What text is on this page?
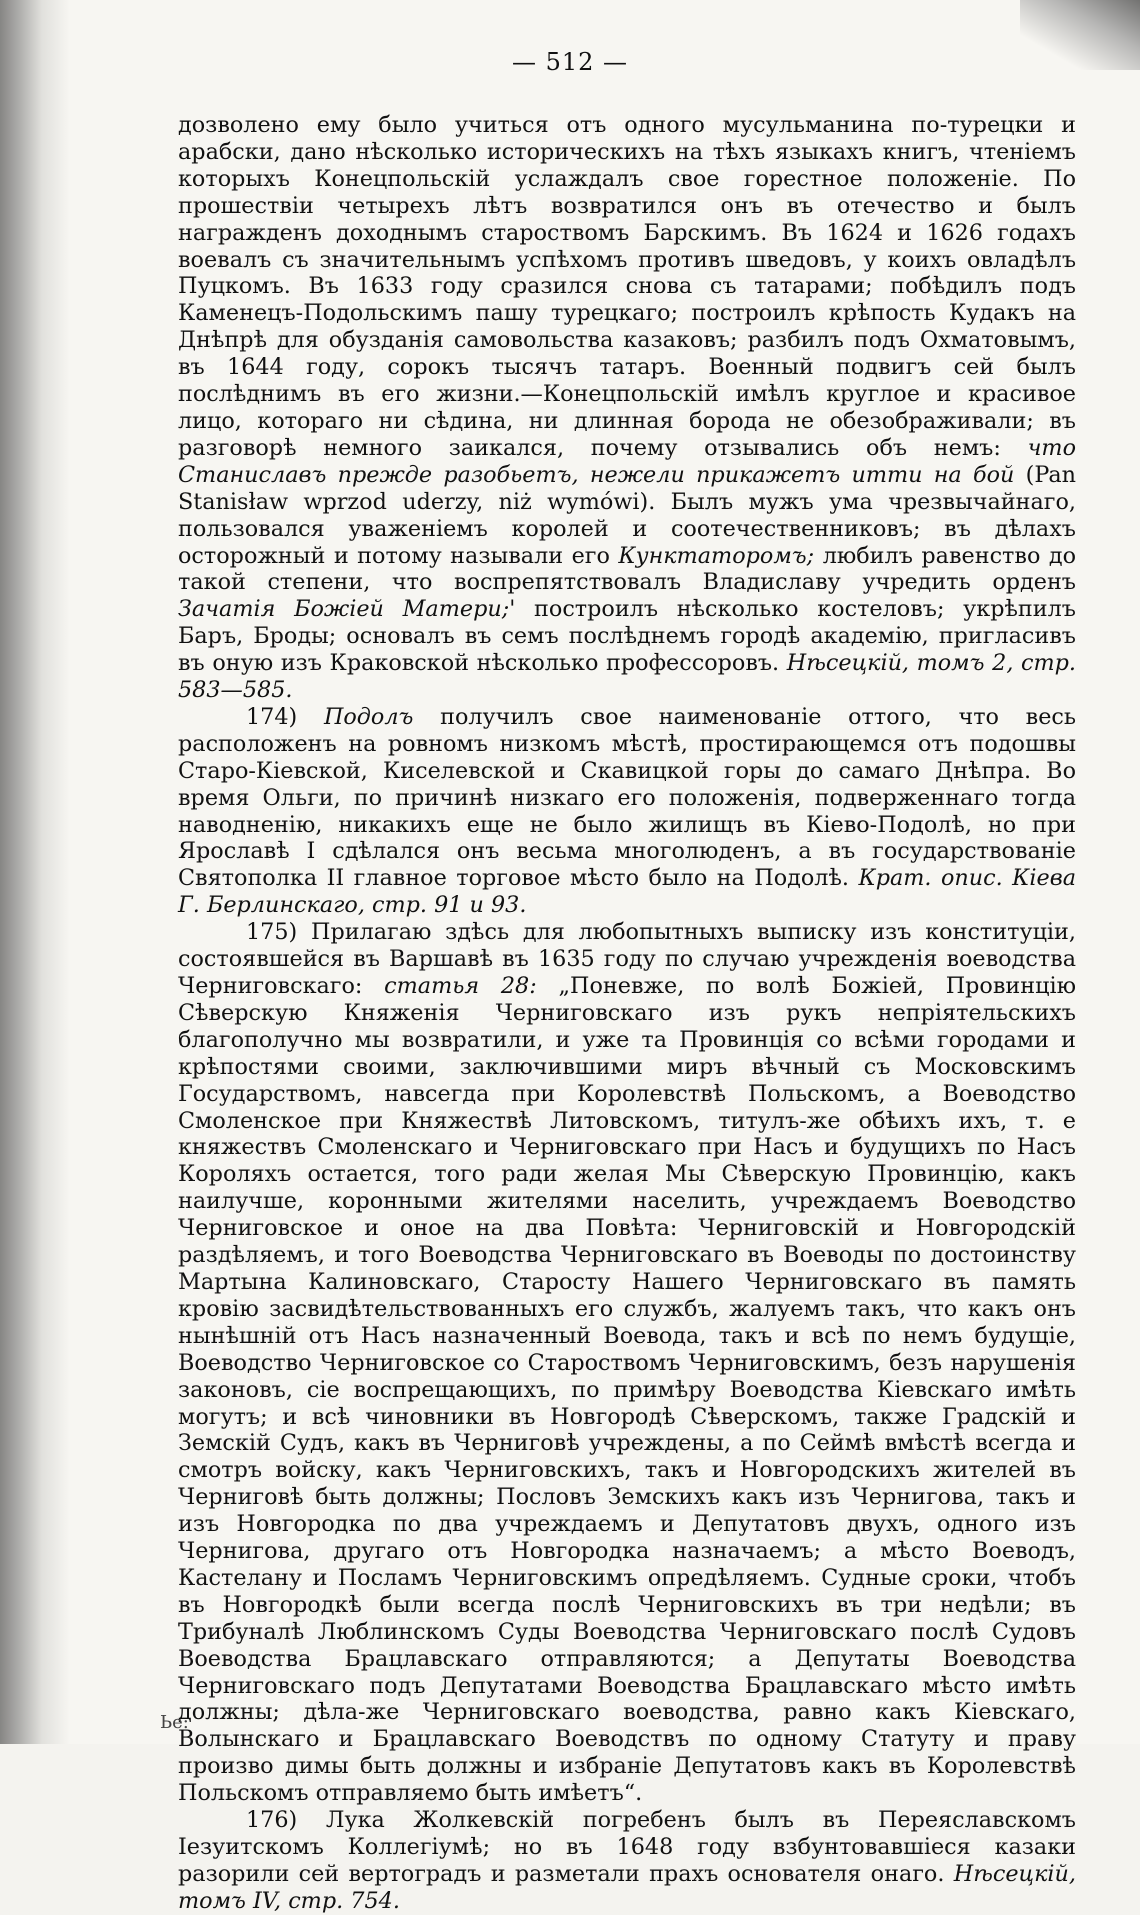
— 512 —

дозволено ему было учиться отъ одного мусульманина по-турецки и арабски, дано нѣсколько историческихъ на тѣхъ языкахъ книгъ, чтеніемъ которыхъ Конецпольскій услаждалъ свое горестное положеніе. По прошествіи четырехъ лѣтъ возвратился онъ въ отечество и былъ награжденъ доходнымъ староствомъ Барскимъ. Въ 1624 и 1626 годахъ воевалъ съ значительнымъ успѣхомъ противъ шведовъ, у коихъ овладѣлъ Пуцкомъ. Въ 1633 году сразился снова съ татарами; побѣдилъ подъ Каменецъ-Подольскимъ пашу турецкаго; построилъ крѣпость Кудакъ на Днѣпрѣ для обузданія самовольства казаковъ; разбилъ подъ Охматовымъ, въ 1644 году, сорокъ тысячъ татаръ. Военный подвигъ сей былъ послѣднимъ въ его жизни.—Конецпольскій имѣлъ круглое и красивое лицо, котораго ни сѣдина, ни длинная борода не обезображивали; въ разговорѣ немного заикался, почему отзывались объ немъ: что Станиславъ прежде разобьетъ, нежели прикажетъ итти на бой (Pan Stanisław wprzod uderzy, niż wymówi). Былъ мужъ ума чрезвычайнаго, пользовался уваженіемъ королей и соотечественниковъ; въ дѣлахъ осторожный и потому называли его Кунктаторомъ; любилъ равенство до такой степени, что воспрепятствовалъ Владиславу учредить орденъ Зачатія Божіей Матери;' построилъ нѣсколько костеловъ; укрѣпилъ Баръ, Броды; основалъ въ семъ послѣднемъ городѣ академію, пригласивъ въ оную изъ Краковской нѣсколько профессоровъ. Нѣсецкій, томъ 2, стр. 583—585.

174) Подолъ получилъ свое наименованіе оттого, что весь расположенъ на ровномъ низкомъ мѣстѣ, простирающемся отъ подошвы Старо-Кіевской, Киселевской и Скавицкой горы до самаго Днѣпра. Во время Ольги, по причинѣ низкаго его положенія, подверженнаго тогда наводненію, никакихъ еще не было жилищъ въ Кіево-Подолѣ, но при Ярославѣ I сдѣлался онъ весьма многолюденъ, а въ государствованіе Святополка II главное торговое мѣсто было на Подолѣ. Крат. опис. Кіева Г. Берлинскаго, стр. 91 и 93.

175) Прилагаю здѣсь для любопытныхъ выписку изъ конституціи, состоявшейся въ Варшавѣ въ 1635 году по случаю учрежденія воеводства Черниговскаго: статья 28: „Поневже, по волѣ Божіей, Провинцію Сѣверскую Княженія Черниговскаго изъ рукъ непріятельскихъ благополучно мы возвратили, и уже та Провинція со всѣми городами и крѣпостями своими, заключившими миръ вѣчный съ Московскимъ Государствомъ, навсегда при Королевствѣ Польскомъ, а Воеводство Смоленское при Княжествѣ Литовскомъ, титулъ-же обѣихъ ихъ, т. е княжествъ Смоленскаго и Черниговскаго при Насъ и будущихъ по Насъ Короляхъ остается, того ради желая Мы Сѣверскую Провинцію, какъ наилучше, коронными жителями населить, учреждаемъ Воеводство Черниговское и оное на два Повѣта: Черниговскій и Новгородскій раздѣляемъ, и того Воеводства Черниговскаго въ Воеводы по достоинству Мартына Калиновскаго, Старосту Нашего Черниговскаго въ память кровію засвидѣтельствованныхъ его службъ, жалуемъ такъ, что какъ онъ нынѣшній отъ Насъ назначенный Воевода, такъ и всѣ по немъ будущіе, Воеводство Черниговское со Староствомъ Черниговскимъ, безъ нарушенія законовъ, сіе воспрещающихъ, по примѣру Воеводства Кіевскаго имѣть могутъ; и всѣ чиновники въ Новгородѣ Сѣверскомъ, также Градскій и Земскій Судъ, какъ въ Черниговѣ учреждены, а по Сеймѣ вмѣстѣ всегда и смотръ войску, какъ Черниговскихъ, такъ и Новгородскихъ жителей въ Черниговѣ быть должны; Пословъ Земскихъ какъ изъ Чернигова, такъ и изъ Новгородка по два учреждаемъ и Депутатовъ двухъ, одного изъ Чернигова, другаго отъ Новгородка назначаемъ; а мѣсто Воеводъ, Кастелану и Посламъ Черниговскимъ опредѣляемъ. Судные сроки, чтобъ въ Новгородкѣ были всегда послѣ Черниговскихъ въ три недѣли; въ Трибуналѣ Люблинскомъ Суды Воеводства Черниговскаго послѣ Судовъ Воеводства Брацлавскаго отправляются; а Депутаты Воеводства Черниговскаго подъ Депутатами Воеводства Брацлавскаго мѣсто имѣть должны; дѣла-же Черниговскаго воеводства, равно какъ Кіевскаго, Волынскаго и Брацлавскаго Воеводствъ по одному Статуту и праву произво димы быть должны и избраніе Депутатовъ какъ въ Королевствѣ Польскомъ отправляемо быть имѣетъ“.

176) Лука Жолкевскій погребенъ былъ въ Переяславскомъ Іезуитскомъ Коллегіумѣ; но въ 1648 году взбунтовавшіеся казаки разорили сей вертоградъ и разметали прахъ основателя онаго. Нѣсецкій, томъ IV, стр. 754.

Ье:
